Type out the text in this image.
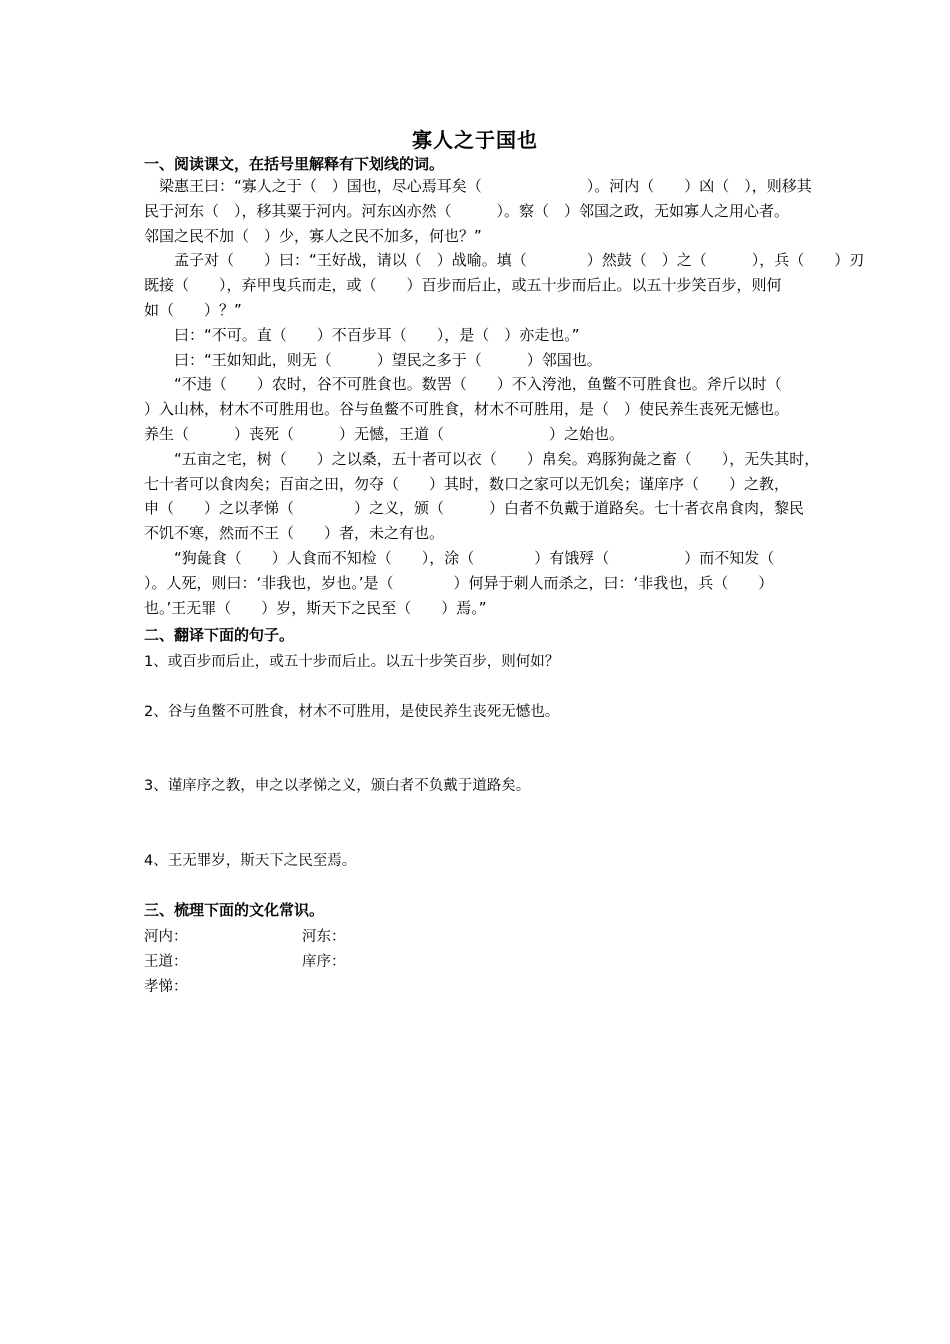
寡人之于国也
一、阅读课文，在括号里解释有下划线的词。
　梁惠王曰：“寡人之于（　）国也，尽心焉耳矣（　　　　　　　）。河内（　　）凶（　），则移其
民于河东（　），移其粟于河内。河东凶亦然（　　　）。察（　）邻国之政，无如寡人之用心者。
邻国之民不加（　）少，寡人之民不加多，何也？”
　　孟子对（　　）曰：“王好战，请以（　）战喻。填（　　　　）然鼓（　）之（　　　），兵（　　）刃
既接（　　），弃甲曳兵而走，或（　　）百步而后止，或五十步而后止。以五十步笑百步，则何
如（　　）？”
　　曰：“不可。直（　　）不百步耳（　　），是（　）亦走也。”
　　曰：“王如知此，则无（　　　）望民之多于（　　　）邻国也。
　　“不违（　　）农时，谷不可胜食也。数罟（　　）不入洿池，鱼鳖不可胜食也。斧斤以时（
）入山林，材木不可胜用也。谷与鱼鳖不可胜食，材木不可胜用，是（　）使民养生丧死无憾也。
养生（　　　）丧死（　　　）无憾，王道（　　　　　　　）之始也。
　　“五亩之宅，树（　　）之以桑，五十者可以衣（　　）帛矣。鸡豚狗彘之畜（　　），无失其时，
七十者可以食肉矣；百亩之田，勿夺（　　）其时，数口之家可以无饥矣；谨庠序（　　）之教，
申（　　）之以孝悌（　　　　）之义，颁（　　　）白者不负戴于道路矣。七十者衣帛食肉，黎民
不饥不寒，然而不王（　　）者，未之有也。
　　“狗彘食（　　）人食而不知检（　　），涂（　　　　）有饿殍（　　　　　）而不知发（
）。人死，则曰：‘非我也，岁也。’是（　　　　）何异于刺人而杀之，曰：‘非我也，兵（　　）
也。’王无罪（　　）岁，斯天下之民至（　　）焉。”
二、翻译下面的句子。
1、或百步而后止，或五十步而后止。以五十步笑百步，则何如？
2、谷与鱼鳖不可胜食，材木不可胜用，是使民养生丧死无憾也。
3、谨庠序之教，申之以孝悌之义，颁白者不负戴于道路矣。
4、王无罪岁，斯天下之民至焉。
三、梳理下面的文化常识。
河内：	河东：
王道：	庠序：
孝悌：
